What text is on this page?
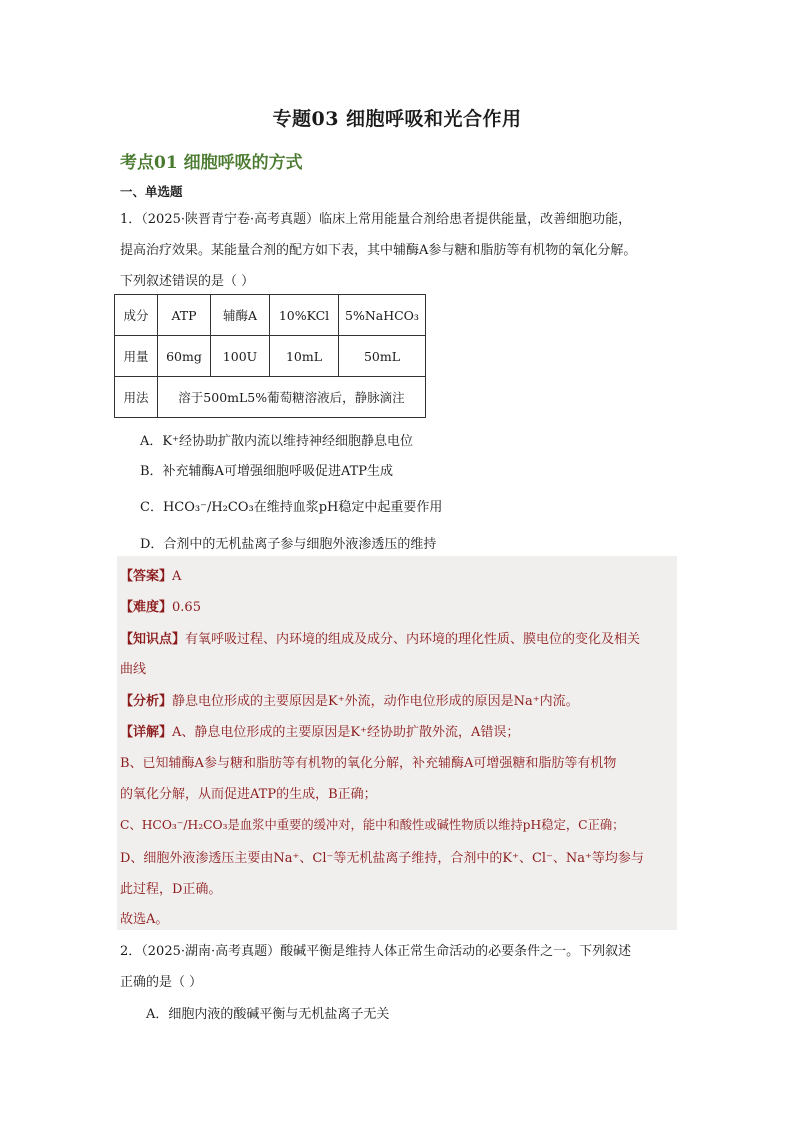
专题03 细胞呼吸和光合作用
考点01 细胞呼吸的方式
一、单选题
1．（2025·陕晋青宁卷·高考真题）临床上常用能量合剂给患者提供能量，改善细胞功能，
提高治疗效果。某能量合剂的配方如下表，其中辅酶A参与糖和脂肪等有机物的氧化分解。
下列叙述错误的是（ ）
成分	ATP	辅酶A	10%KCl	5%NaHCO₃
用量	60mg	100U	10mL	50mL
用法	溶于500mL5%葡萄糖溶液后，静脉滴注			
A．K⁺经协助扩散内流以维持神经细胞静息电位
B．补充辅酶A可增强细胞呼吸促进ATP生成
C．HCO₃⁻/H₂CO₃在维持血浆pH稳定中起重要作用
D．合剂中的无机盐离子参与细胞外液渗透压的维持
【答案】A
【难度】0.65
【知识点】有氧呼吸过程、内环境的组成及成分、内环境的理化性质、膜电位的变化及相关
曲线
【分析】静息电位形成的主要原因是K⁺外流，动作电位形成的原因是Na⁺内流。
【详解】A、静息电位形成的主要原因是K⁺经协助扩散外流，A错误；
B、已知辅酶A参与糖和脂肪等有机物的氧化分解，补充辅酶A可增强糖和脂肪等有机物
的氧化分解，从而促进ATP的生成，B正确；
C、HCO₃⁻/H₂CO₃是血浆中重要的缓冲对，能中和酸性或碱性物质以维持pH稳定，C正确；
D、细胞外液渗透压主要由Na⁺、Cl⁻等无机盐离子维持，合剂中的K⁺、Cl⁻、Na⁺等均参与
此过程，D正确。
故选A。
2．（2025·湖南·高考真题）酸碱平衡是维持人体正常生命活动的必要条件之一。下列叙述
正确的是（ ）
A．细胞内液的酸碱平衡与无机盐离子无关
